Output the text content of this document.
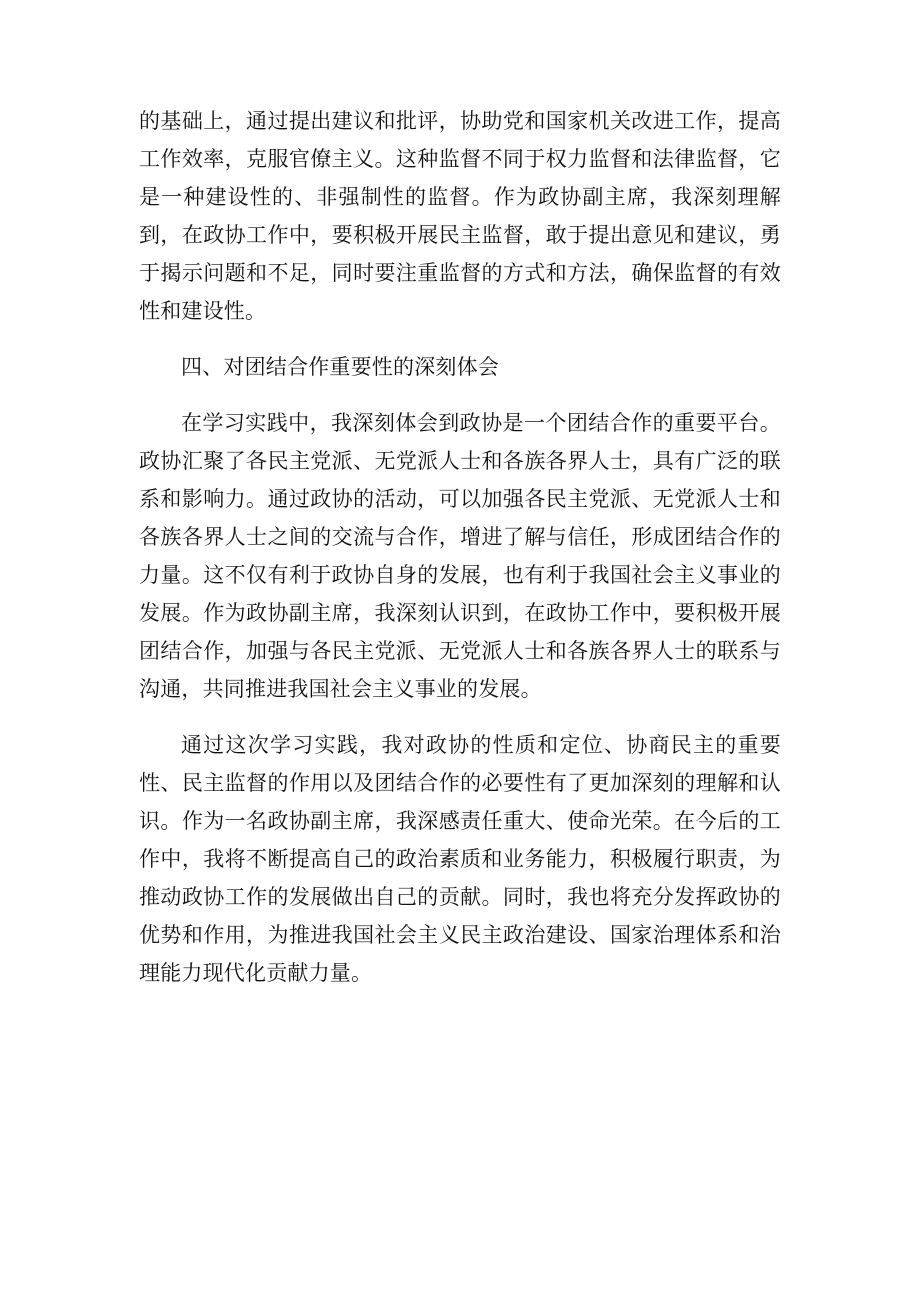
的基础上，通过提出建议和批评，协助党和国家机关改进工作，提高工作效率，克服官僚主义。这种监督不同于权力监督和法律监督，它是一种建设性的、非强制性的监督。作为政协副主席，我深刻理解到，在政协工作中，要积极开展民主监督，敢于提出意见和建议，勇于揭示问题和不足，同时要注重监督的方式和方法，确保监督的有效性和建设性。

四、对团结合作重要性的深刻体会

在学习实践中，我深刻体会到政协是一个团结合作的重要平台。政协汇聚了各民主党派、无党派人士和各族各界人士，具有广泛的联系和影响力。通过政协的活动，可以加强各民主党派、无党派人士和各族各界人士之间的交流与合作，增进了解与信任，形成团结合作的力量。这不仅有利于政协自身的发展，也有利于我国社会主义事业的发展。作为政协副主席，我深刻认识到，在政协工作中，要积极开展团结合作，加强与各民主党派、无党派人士和各族各界人士的联系与沟通，共同推进我国社会主义事业的发展。

通过这次学习实践，我对政协的性质和定位、协商民主的重要性、民主监督的作用以及团结合作的必要性有了更加深刻的理解和认识。作为一名政协副主席，我深感责任重大、使命光荣。在今后的工作中，我将不断提高自己的政治素质和业务能力，积极履行职责，为推动政协工作的发展做出自己的贡献。同时，我也将充分发挥政协的优势和作用，为推进我国社会主义民主政治建设、国家治理体系和治理能力现代化贡献力量。
